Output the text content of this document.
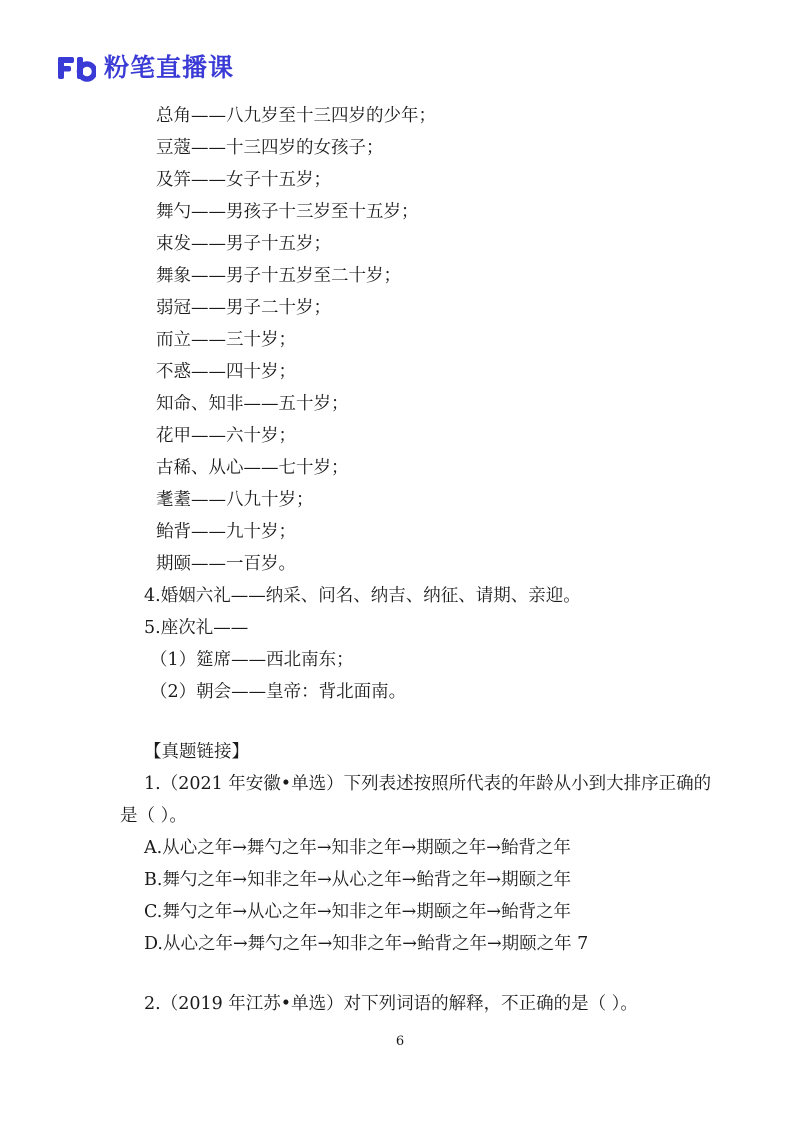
粉笔直播课
总角——八九岁至十三四岁的少年；
豆蔻——十三四岁的女孩子；
及笄——女子十五岁；
舞勺——男孩子十三岁至十五岁；
束发——男子十五岁；
舞象——男子十五岁至二十岁；
弱冠——男子二十岁；
而立——三十岁；
不惑——四十岁；
知命、知非——五十岁；
花甲——六十岁；
古稀、从心——七十岁；
耄耋——八九十岁；
鲐背——九十岁；
期颐——一百岁。
4.婚姻六礼——纳采、问名、纳吉、纳征、请期、亲迎。
5.座次礼——
（1）筵席——西北南东；
（2）朝会——皇帝：背北面南。
【真题链接】
1.（2021 年安徽•单选）下列表述按照所代表的年龄从小到大排序正确的
是（ ）。
A.从心之年→舞勺之年→知非之年→期颐之年→鲐背之年
B.舞勺之年→知非之年→从心之年→鲐背之年→期颐之年
C.舞勺之年→从心之年→知非之年→期颐之年→鲐背之年
D.从心之年→舞勺之年→知非之年→鲐背之年→期颐之年 7
2.（2019 年江苏•单选）对下列词语的解释，不正确的是（ ）。
6
